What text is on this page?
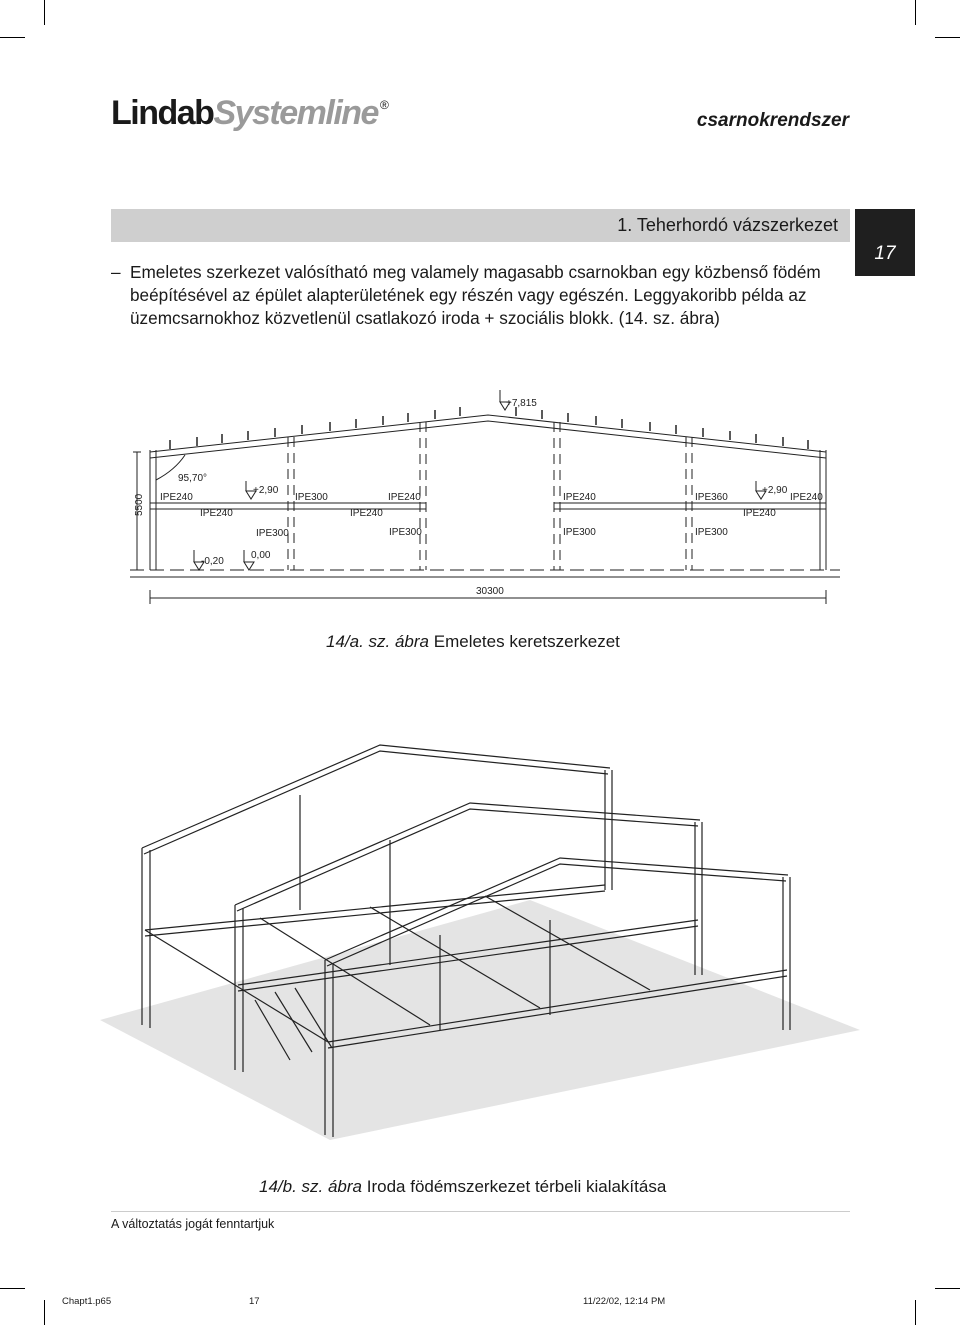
LindabSystemline ®
csarnokrendszer
1. Teherhordó vázszerkezet
17
– Emeletes szerkezet valósítható meg valamely magasabb csarnokban egy közbenső födém beépítésével az épület alapterületének egy részén vagy egészén. Leggyakoribb példa az üzemcsarnokhoz közvetlenül csatlakozó iroda + szociális blokk. (14. sz. ábra)
+7,815
95,70°
5500
+2,90	+2,90
0,00
-0,20
30300
IPE240	IPE300	IPE240	IPE240	IPE360	IPE240
IPE240	IPE240	IPE240
IPE300	IPE300	IPE300	IPE300
14/a. sz. ábra Emeletes keretszerkezet
14/b. sz. ábra Iroda födémszerkezet térbeli kialakítása
A változtatás jogát fenntartjuk
Chapt1.p65	17	11/22/02, 12:14 PM
